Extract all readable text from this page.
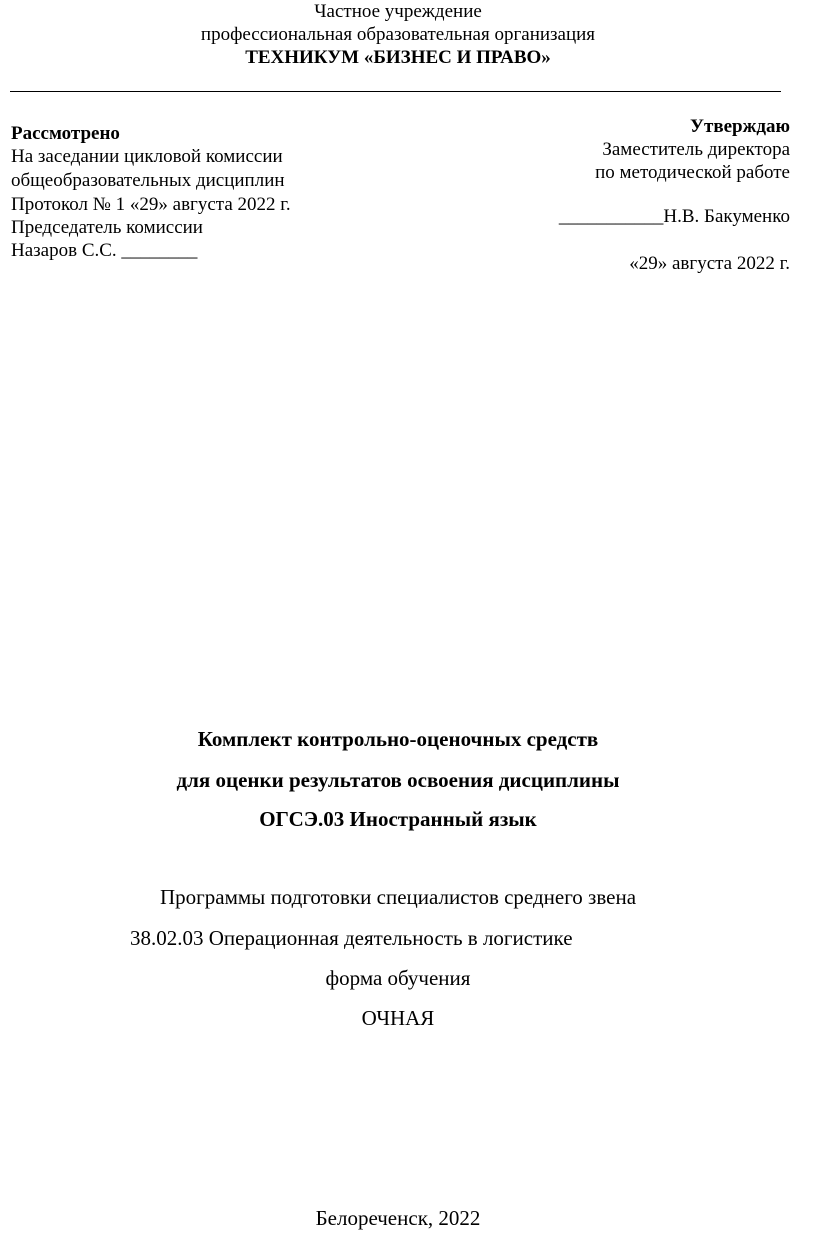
Частное учреждение
профессиональная образовательная организация
ТЕХНИКУМ «БИЗНЕС И ПРАВО»
Рассмотрено
На заседании цикловой комиссии
общеобразовательных дисциплин
Протокол № 1 «29» августа 2022 г.
Председатель комиссии
Назаров С.С. ________
Утверждаю
Заместитель директора
по методической работе
___________Н.В. Бакуменко
«29» августа 2022 г.
Комплект контрольно-оценочных средств
для оценки результатов освоения дисциплины
ОГСЭ.03 Иностранный язык
Программы подготовки специалистов среднего звена
38.02.03 Операционная деятельность в логистике
форма обучения
ОЧНАЯ
Белореченск, 2022
